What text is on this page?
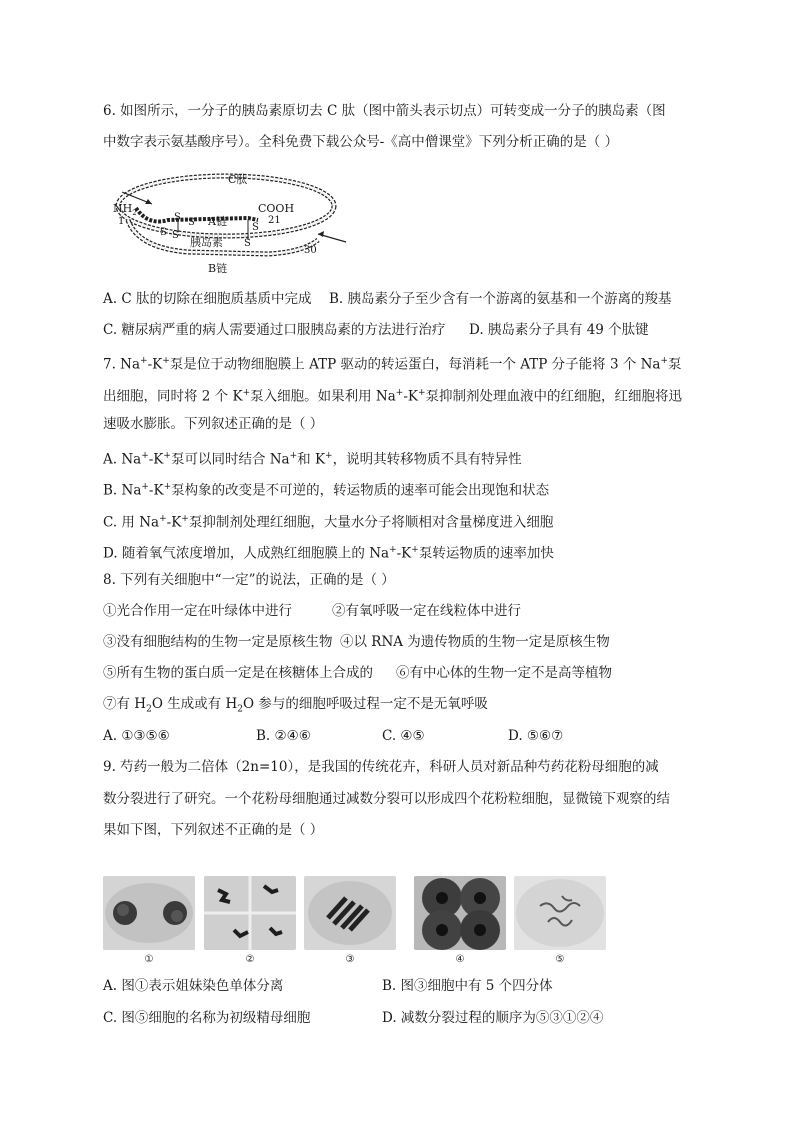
6. 如图所示，一分子的胰岛素原切去 C 肽（图中箭头表示切点）可转变成一分子的胰岛素（图
中数字表示氨基酸序号）。全科免费下载公众号-《高中僧课堂》下列分析正确的是（ ）
C肽
$NH_2$
1
COOH
21
30
A链
胰岛素
B链
S S
S S
S
S
A. C 肽的切除在细胞质基质中完成 B. 胰岛素分子至少含有一个游离的氨基和一个游离的羧基
C. 糖尿病严重的病人需要通过口服胰岛素的方法进行治疗 D. 胰岛素分子具有 49 个肽键
7. Na+-K+泵是位于动物细胞膜上 ATP 驱动的转运蛋白，每消耗一个 ATP 分子能将 3 个 Na+泵
出细胞，同时将 2 个 K+泵入细胞。如果利用 Na+-K+泵抑制剂处理血液中的红细胞，红细胞将迅
速吸水膨胀。下列叙述正确的是（ ）
A. Na+-K+泵可以同时结合 Na+和 K+，说明其转移物质不具有特异性
B. Na+-K+泵构象的改变是不可逆的，转运物质的速率可能会出现饱和状态
C. 用 Na+-K+泵抑制剂处理红细胞，大量水分子将顺相对含量梯度进入细胞
D. 随着氧气浓度增加，人成熟红细胞膜上的 Na+-K+泵转运物质的速率加快
8. 下列有关细胞中“一定”的说法，正确的是（ ）
①光合作用一定在叶绿体中进行	②有氧呼吸一定在线粒体中进行
③没有细胞结构的生物一定是原核生物 ④以 RNA 为遗传物质的生物一定是原核生物
⑤所有生物的蛋白质一定是在核糖体上合成的 ⑥有中心体的生物一定不是高等植物
⑦有 $H_2O$ 生成或有 $H_2O$ 参与的细胞呼吸过程一定不是无氧呼吸
A. ①③⑤⑥	B. ②④⑥	C. ④⑤	D. ⑤⑥⑦
9. 芍药一般为二倍体（2n=10），是我国的传统花卉，科研人员对新品种芍药花粉母细胞的减
数分裂进行了研究。一个花粉母细胞通过减数分裂可以形成四个花粉粒细胞，显微镜下观察的结
果如下图，下列叙述不正确的是（ ）
①	②	③	④	⑤
A. 图①表示姐妹染色单体分离	B. 图③细胞中有 5 个四分体
C. 图⑤细胞的名称为初级精母细胞	D. 减数分裂过程的顺序为⑤③①②④
